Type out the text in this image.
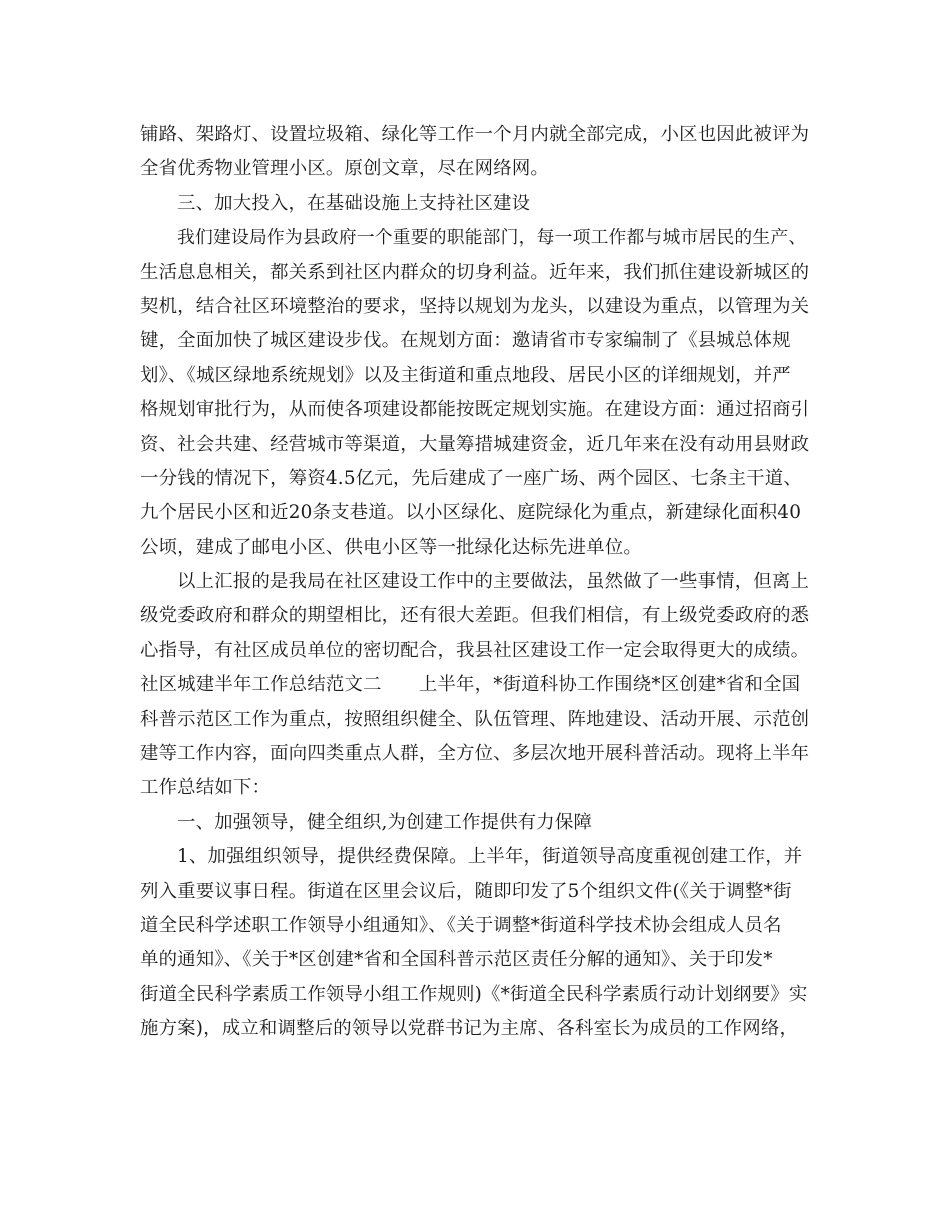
铺路、架路灯、设置垃圾箱、绿化等工作一个月内就全部完成，小区也因此被评为
全省优秀物业管理小区。原创文章，尽在网络网。
三、加大投入，在基础设施上支持社区建设
我们建设局作为县政府一个重要的职能部门，每一项工作都与城市居民的生产、
生活息息相关，都关系到社区内群众的切身利益。近年来，我们抓住建设新城区的
契机，结合社区环境整治的要求，坚持以规划为龙头，以建设为重点，以管理为关
键，全面加快了城区建设步伐。在规划方面：邀请省市专家编制了《县城总体规
划》、《城区绿地系统规划》以及主街道和重点地段、居民小区的详细规划，并严
格规划审批行为，从而使各项建设都能按既定规划实施。在建设方面：通过招商引
资、社会共建、经营城市等渠道，大量筹措城建资金，近几年来在没有动用县财政
一分钱的情况下，筹资4.5亿元，先后建成了一座广场、两个园区、七条主干道、
九个居民小区和近20条支巷道。以小区绿化、庭院绿化为重点，新建绿化面积40
公顷，建成了邮电小区、供电小区等一批绿化达标先进单位。
以上汇报的是我局在社区建设工作中的主要做法，虽然做了一些事情，但离上
级党委政府和群众的期望相比，还有很大差距。但我们相信，有上级党委政府的悉
心指导，有社区成员单位的密切配合，我县社区建设工作一定会取得更大的成绩。
社区城建半年工作总结范文二　　上半年，*街道科协工作围绕*区创建*省和全国
科普示范区工作为重点，按照组织健全、队伍管理、阵地建设、活动开展、示范创
建等工作内容，面向四类重点人群，全方位、多层次地开展科普活动。现将上半年
工作总结如下：
一、加强领导，健全组织,为创建工作提供有力保障
1、加强组织领导，提供经费保障。上半年，街道领导高度重视创建工作，并
列入重要议事日程。街道在区里会议后，随即印发了5个组织文件(《关于调整*街
道全民科学述职工作领导小组通知》、《关于调整*街道科学技术协会组成人员名
单的通知》、《关于*区创建*省和全国科普示范区责任分解的通知》、关于印发*
街道全民科学素质工作领导小组工作规则)《*街道全民科学素质行动计划纲要》实
施方案)，成立和调整后的领导以党群书记为主席、各科室长为成员的工作网络，
